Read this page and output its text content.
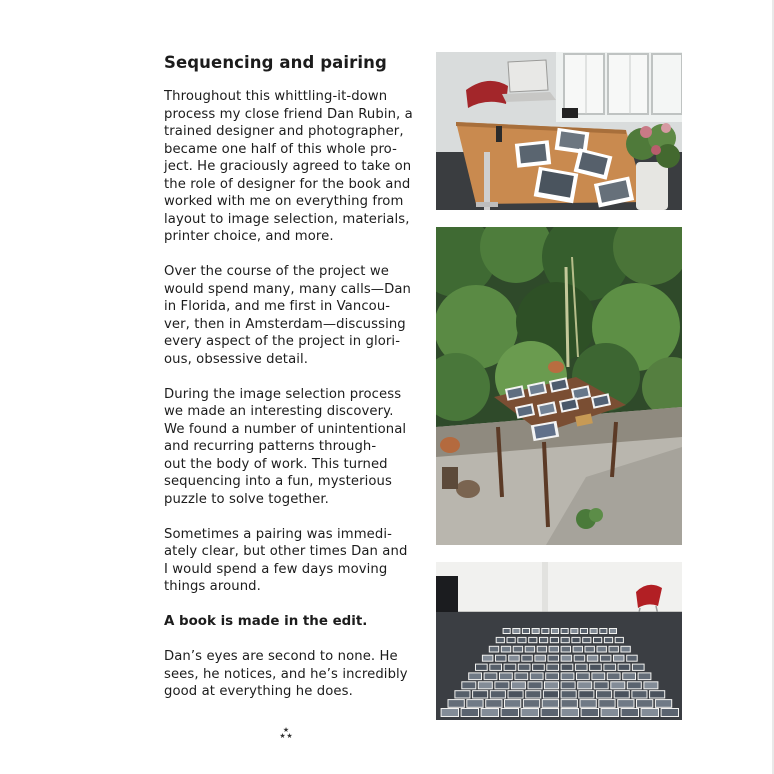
Sequencing and pairing

Throughout this whittling-it-down
process my close friend Dan Rubin, a
trained designer and photographer,
became one half of this whole pro-
ject. He graciously agreed to take on
the role of designer for the book and
worked with me on everything from
layout to image selection, materials,
printer choice, and more.

Over the course of the project we
would spend many, many calls—Dan
in Florida, and me first in Vancou-
ver, then in Amsterdam—discussing
every aspect of the project in glori-
ous, obsessive detail.

During the image selection process
we made an interesting discovery.
We found a number of unintentional
and recurring patterns through-
out the body of work. This turned
sequencing into a fun, mysterious
puzzle to solve together.

Sometimes a pairing was immedi-
ately clear, but other times Dan and
I would spend a few days moving
things around.

A book is made in the edit.

Dan’s eyes are second to none. He
sees, he notices, and he’s incredibly
good at everything he does.

★
★ ★
